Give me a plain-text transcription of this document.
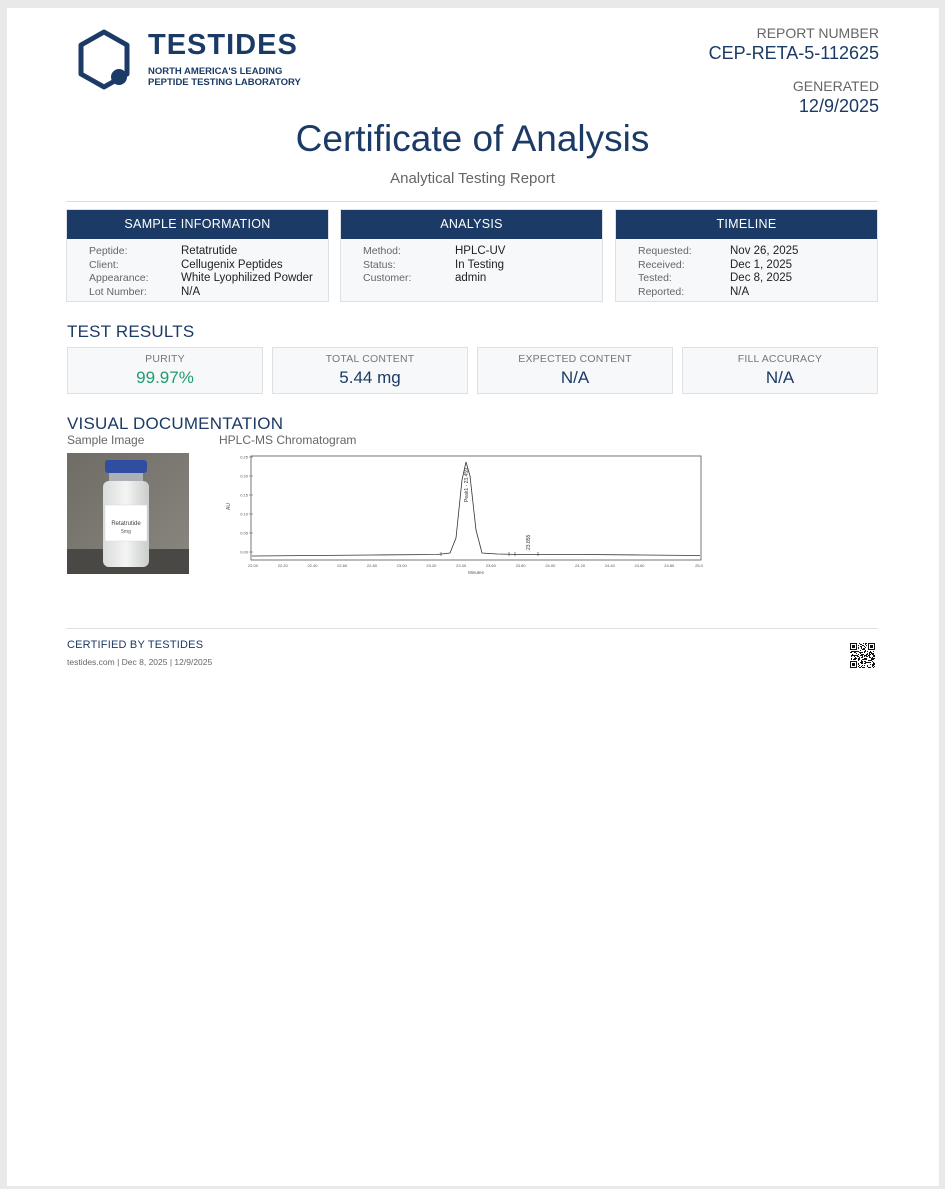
TESTIDES
NORTH AMERICA'S LEADING
PEPTIDE TESTING LABORATORY
REPORT NUMBER
CEP-RETA-5-112625
GENERATED
12/9/2025
Certificate of Analysis
Analytical Testing Report
SAMPLE INFORMATION
Peptide:	Retatrutide
Client:	Cellugenix Peptides
Appearance:	White Lyophilized Powder
Lot Number:	N/A
ANALYSIS
Method:	HPLC-UV
Status:	In Testing
Customer:	admin
TIMELINE
Requested:	Nov 26, 2025
Received:	Dec 1, 2025
Tested:	Dec 8, 2025
Reported:	N/A
TEST RESULTS
PURITY
99.97%
TOTAL CONTENT
5.44 mg
EXPECTED CONTENT
N/A
FILL ACCURACY
N/A
VISUAL DOCUMENTATION
Sample Image	HPLC-MS Chromatogram
Retatrutide
5mg
AU
0.00
0.05
0.10
0.15
0.20
0.25
22.00	22.20	22.40	22.60	22.80	23.00	23.20	23.40	23.60	23.80	24.00	24.20	24.40	24.60	24.80	25.0
Minutes
Peak1 - 23.459
23.855
CERTIFIED BY TESTIDES
testides.com | Dec 8, 2025 | 12/9/2025
